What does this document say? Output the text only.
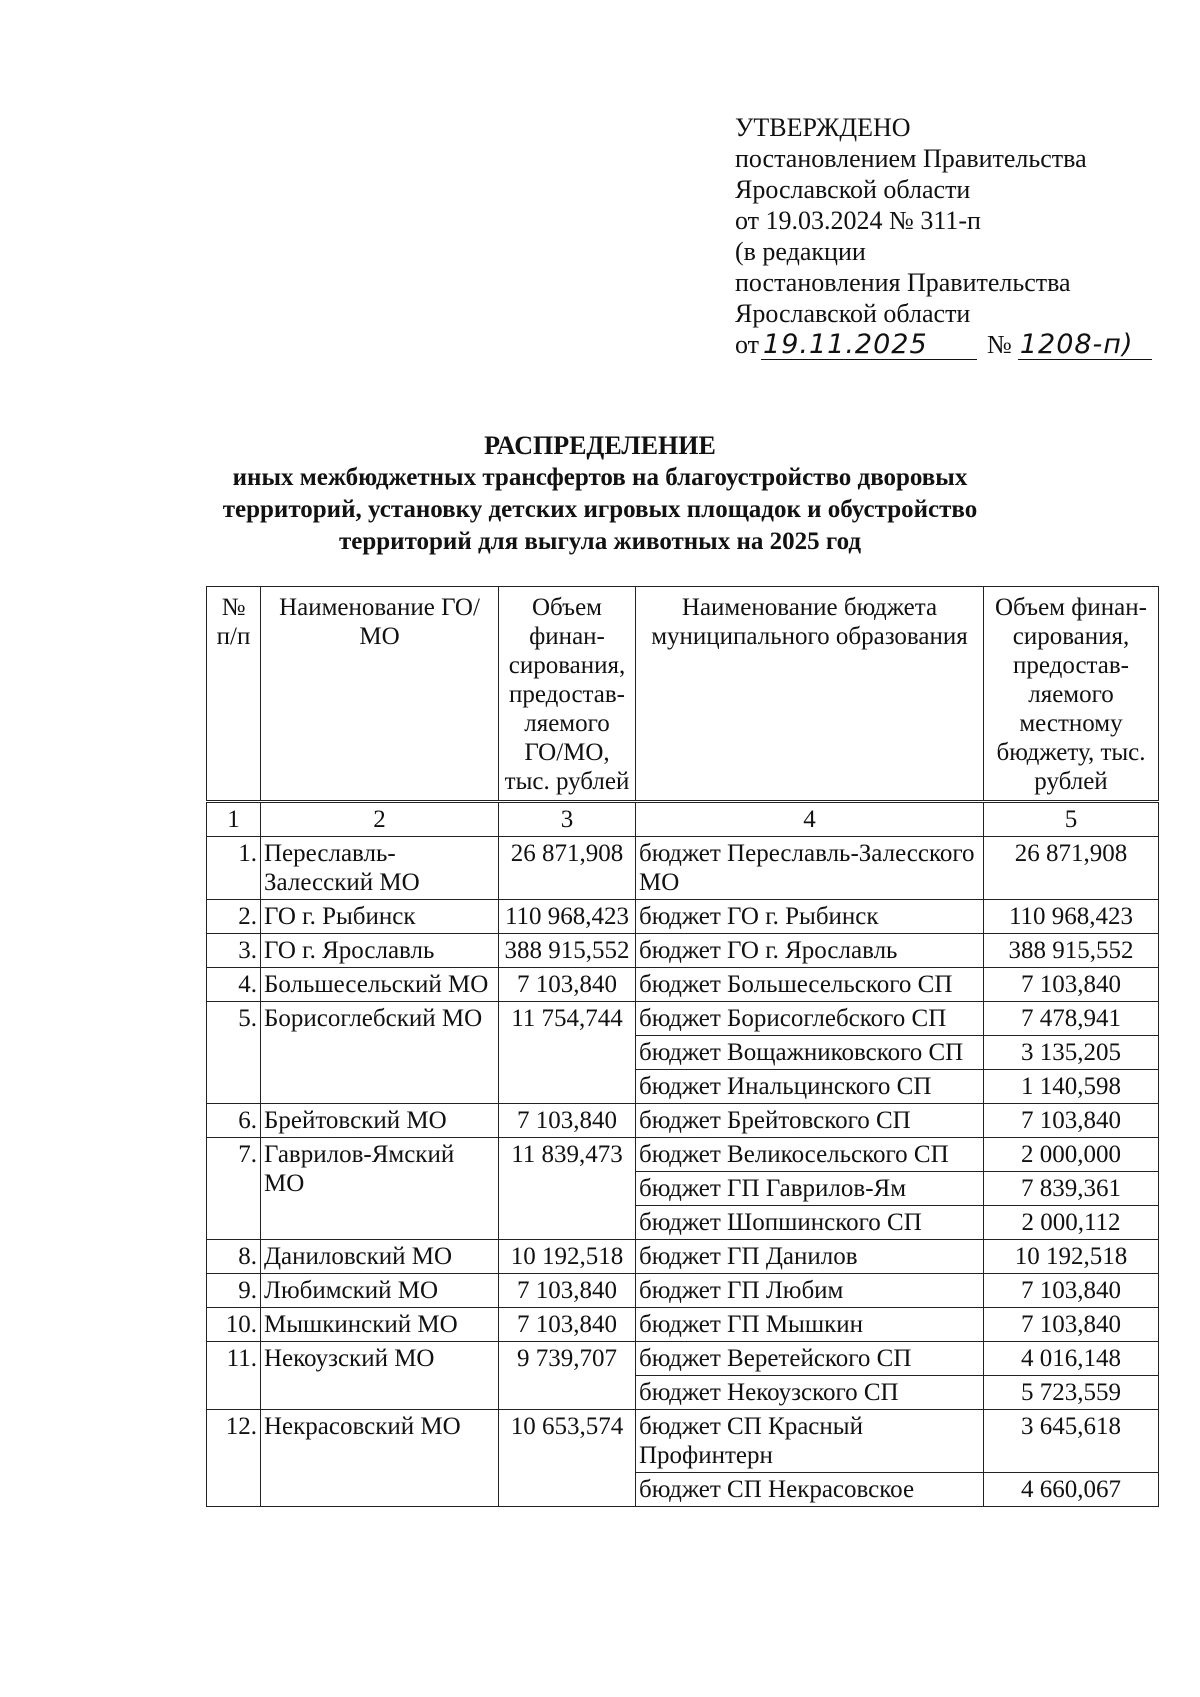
УТВЕРЖДЕНО
постановлением Правительства
Ярославской области
от 19.03.2024 № 311-п
(в редакции
постановления Правительства
Ярославской области
от 19.11.2025	№ 1208-п)
РАСПРЕДЕЛЕНИЕ
иных межбюджетных трансфертов на благоустройство дворовых
территорий, установку детских игровых площадок и обустройство
территорий для выгула животных на 2025 год
№ п/п	Наименование ГО/МО	Объем финан-сирования, предостав-ляемого ГО/МО, тыс. рублей	Наименование бюджета муниципального образования	Объем финан-сирования, предостав-ляемого местному бюджету, тыс. рублей
1	2	3	4	5
1.	Переславль-Залесский МО	26 871,908	бюджет Переславль-Залесского МО	26 871,908
2.	ГО г. Рыбинск	110 968,423	бюджет ГО г. Рыбинск	110 968,423
3.	ГО г. Ярославль	388 915,552	бюджет ГО г. Ярославль	388 915,552
4.	Большесельский МО	7 103,840	бюджет Большесельского СП	7 103,840
5.	Борисоглебский МО	11 754,744	бюджет Борисоглебского СП	7 478,941
			бюджет Вощажниковского СП	3 135,205
			бюджет Инальцинского СП	1 140,598
6.	Брейтовский МО	7 103,840	бюджет Брейтовского СП	7 103,840
7.	Гаврилов-Ямский МО	11 839,473	бюджет Великосельского СП	2 000,000
			бюджет ГП Гаврилов-Ям	7 839,361
			бюджет Шопшинского СП	2 000,112
8.	Даниловский МО	10 192,518	бюджет ГП Данилов	10 192,518
9.	Любимский МО	7 103,840	бюджет ГП Любим	7 103,840
10.	Мышкинский МО	7 103,840	бюджет ГП Мышкин	7 103,840
11.	Некоузский МО	9 739,707	бюджет Веретейского СП	4 016,148
			бюджет Некоузского СП	5 723,559
12.	Некрасовский МО	10 653,574	бюджет СП Красный Профинтерн	3 645,618
			бюджет СП Некрасовское	4 660,067
